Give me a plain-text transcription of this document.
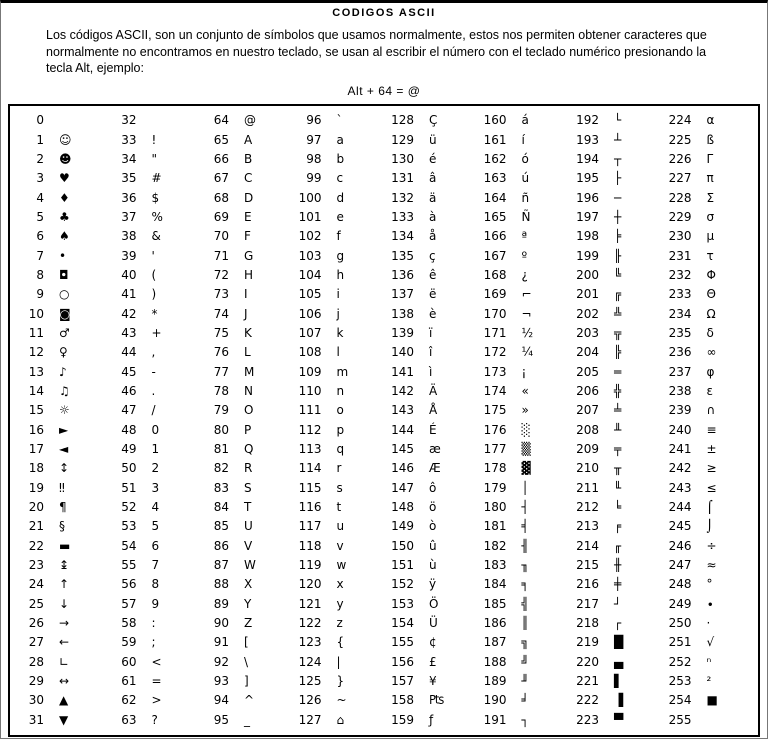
CODIGOS ASCII

Los códigos ASCII, son un conjunto de símbolos que usamos normalmente, estos nos permiten obtener caracteres que normalmente no encontramos en nuestro teclado, se usan al escribir el número con el teclado numérico presionando la tecla Alt, ejemplo:

Alt + 64 = @

0
1 ☺
2 ☻
3 ♥
4 ♦
5 ♣
6 ♠
7 •
8 ◘
9 ○
10 ◙
11 ♂
12 ♀
13 ♪
14 ♫
15 ☼
16 ►
17 ◄
18 ↕
19 ‼
20 ¶
21 §
22 ▬
23 ↨
24 ↑
25 ↓
26 →
27 ←
28 ∟
29 ↔
30 ▲
31 ▼
32
33 !
34 "
35 #
36 $
37 %
38 &
39 '
40 (
41 )
42 *
43 +
44 ,
45 -
46 .
47 /
48 0
49 1
50 2
51 3
52 4
53 5
54 6
55 7
56 8
57 9
58 :
59 ;
60 <
61 =
62 >
63 ?
64 @
65 A
66 B
67 C
68 D
69 E
70 F
71 G
72 H
73 I
74 J
75 K
76 L
77 M
78 N
79 O
80 P
81 Q
82 R
83 S
84 T
85 U
86 V
87 W
88 X
89 Y
90 Z
91 [
92 \
93 ]
94 ^
95 _
96 `
97 a
98 b
99 c
100 d
101 e
102 f
103 g
104 h
105 i
106 j
107 k
108 l
109 m
110 n
111 o
112 p
113 q
114 r
115 s
116 t
117 u
118 v
119 w
120 x
121 y
122 z
123 {
124 |
125 }
126 ~
127 ⌂
128 Ç
129 ü
130 é
131 â
132 ä
133 à
134 å
135 ç
136 ê
137 ë
138 è
139 ï
140 î
141 ì
142 Ä
143 Å
144 É
145 æ
146 Æ
147 ô
148 ö
149 ò
150 û
151 ù
152 ÿ
153 Ö
154 Ü
155 ¢
156 £
157 ¥
158 ₧
159 ƒ
160 á
161 í
162 ó
163 ú
164 ñ
165 Ñ
166 ª
167 º
168 ¿
169 ⌐
170 ¬
171 ½
172 ¼
173 ¡
174 «
175 »
176 ░
177 ▒
178 ▓
179 │
180 ┤
181 ╡
182 ╢
183 ╖
184 ╕
185 ╣
186 ║
187 ╗
188 ╝
189 ╜
190 ╛
191 ┐
192 └
193 ┴
194 ┬
195 ├
196 ─
197 ┼
198 ╞
199 ╟
200 ╚
201 ╔
202 ╩
203 ╦
204 ╠
205 ═
206 ╬
207 ╧
208 ╨
209 ╤
210 ╥
211 ╙
212 ╘
213 ╒
214 ╓
215 ╫
216 ╪
217 ┘
218 ┌
219 █
220 ▄
221 ▌
222 ▐
223 ▀
224 α
225 ß
226 Γ
227 π
228 Σ
229 σ
230 µ
231 τ
232 Φ
233 Θ
234 Ω
235 δ
236 ∞
237 φ
238 ε
239 ∩
240 ≡
241 ±
242 ≥
243 ≤
244 ⌠
245 ⌡
246 ÷
247 ≈
248 °
249 ∙
250 ·
251 √
252 ⁿ
253 ²
254 ■
255
